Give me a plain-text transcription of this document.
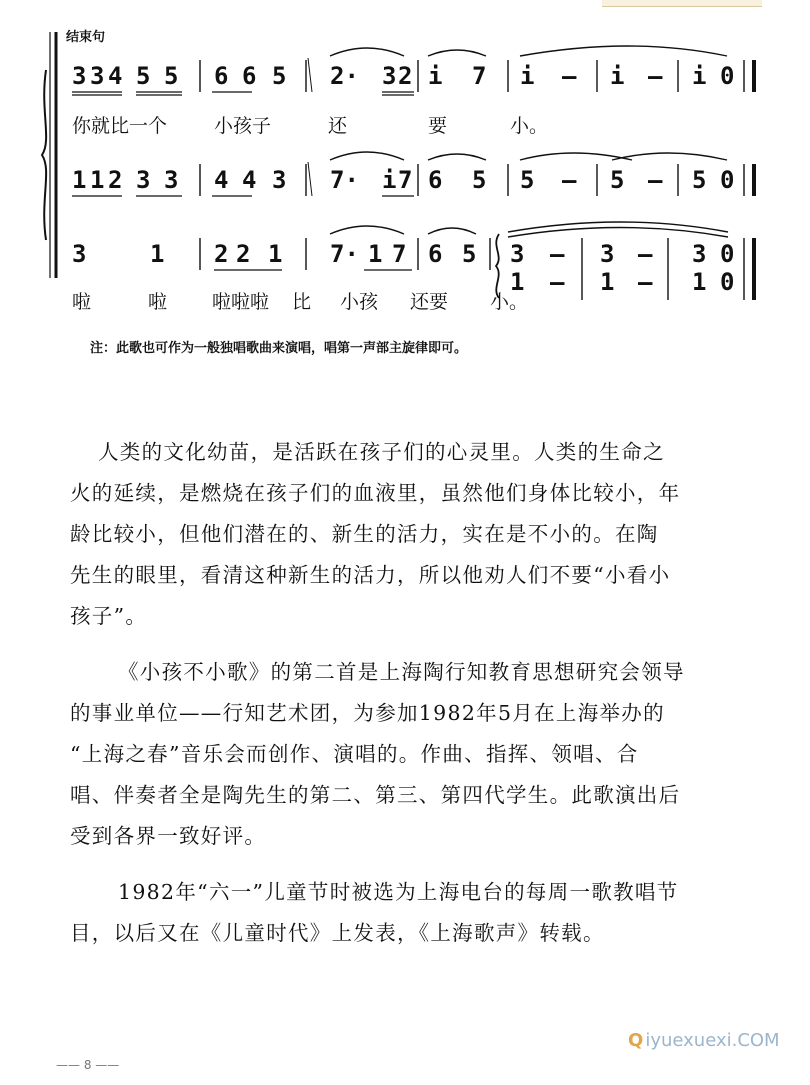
结束句
3 3 4 5 5 6 6 5 2· 3 2 i 7 i – i – i 0
你就比一个 小孩子	还	要	小。
1 1 2 3 3 4 4 3 7· i 7 6 5 5 – 5 – 5 0
3	1 2 2 1 7· 1 7 6 5 3 – 3 – 3 0
1 – 1 – 1 0
啦	啦 啦啦啦 比 小孩 还要 小。
注：此歌也可作为一般独唱歌曲来演唱，唱第一声部主旋律即可。
人类的文化幼苗，是活跃在孩子们的心灵里。人类的生命之
火的延续，是燃烧在孩子们的血液里，虽然他们身体比较小，年
龄比较小，但他们潜在的、新生的活力，实在是不小的。在陶
先生的眼里，看清这种新生的活力，所以他劝人们不要“小看小
孩子”。
《小孩不小歌》的第二首是上海陶行知教育思想研究会领导
的事业单位——行知艺术团，为参加1982年5月在上海举办的
“上海之春”音乐会而创作、演唱的。作曲、指挥、领唱、合
唱、伴奏者全是陶先生的第二、第三、第四代学生。此歌演出后
受到各界一致好评。
1982年“六一”儿童节时被选为上海电台的每周一歌教唱节
目，以后又在《儿童时代》上发表，《上海歌声》转载。
—— 8 ——
Q iyuexuexi.COM
